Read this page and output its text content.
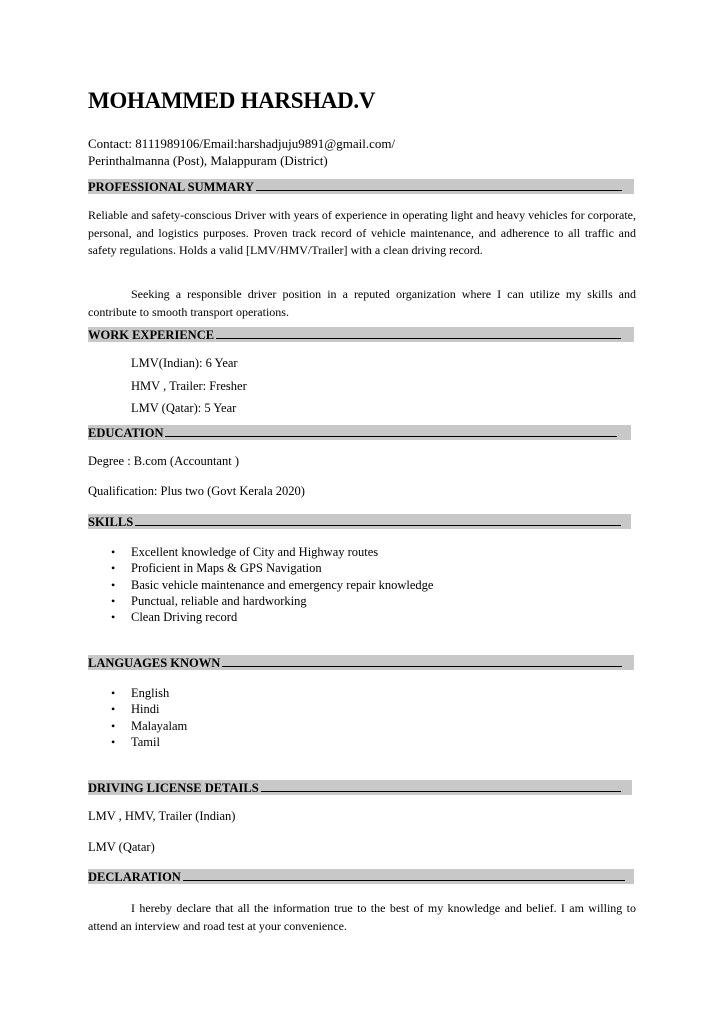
MOHAMMED HARSHAD.V
Contact: 8111989106/Email:harshadjuju9891@gmail.com/
Perinthalmanna (Post), Malappuram (District)
PROFESSIONAL SUMMARY
Reliable and safety-conscious Driver with years of experience in operating light and heavy vehicles for corporate, personal, and logistics purposes. Proven track record of vehicle maintenance, and adherence to all traffic and safety regulations. Holds a valid [LMV/HMV/Trailer] with a clean driving record.
Seeking a responsible driver position in a reputed organization where I can utilize my skills and contribute to smooth transport operations.
WORK EXPERIENCE
LMV(Indian): 6 Year
HMV , Trailer: Fresher
LMV (Qatar): 5 Year
EDUCATION
Degree : B.com (Accountant )
Qualification: Plus two (Govt Kerala 2020)
SKILLS
• Excellent knowledge of City and Highway routes
• Proficient in Maps & GPS Navigation
• Basic vehicle maintenance and emergency repair knowledge
• Punctual, reliable and hardworking
• Clean Driving record
LANGUAGES KNOWN
• English
• Hindi
• Malayalam
• Tamil
DRIVING LICENSE DETAILS
LMV , HMV, Trailer (Indian)
LMV (Qatar)
DECLARATION
I hereby declare that all the information true to the best of my knowledge and belief. I am willing to attend an interview and road test at your convenience.
